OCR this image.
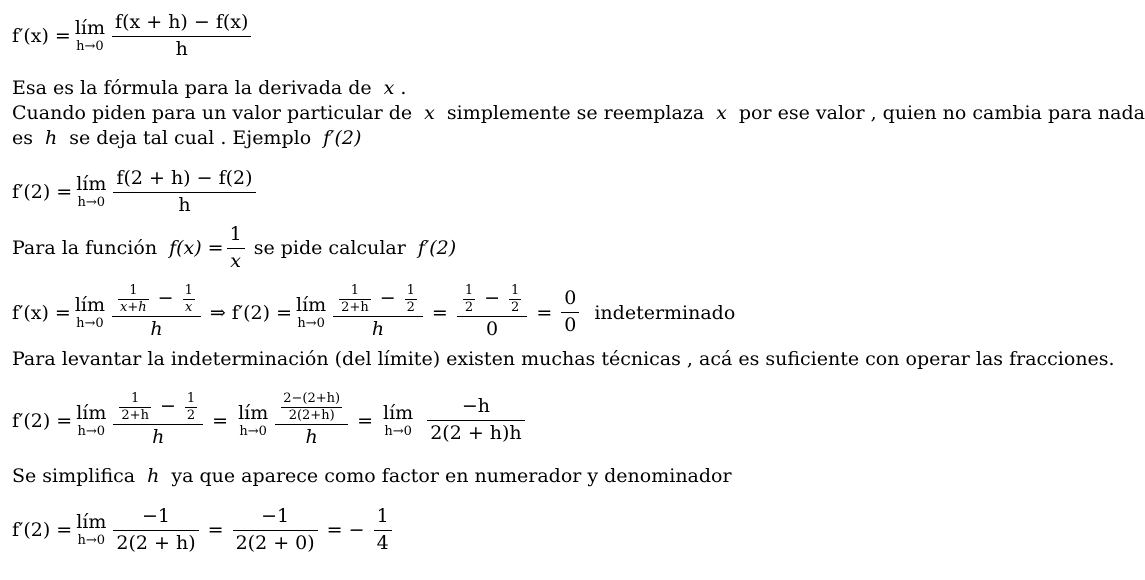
f′(x) = lím
$h\to 0 \frac{f(x + h) - f(x)}{h}$
Esa es la fórmula para la derivada de x .
Cuando piden para un valor particular de x simplemente se reemplaza x por ese valor , quien no cambia para nada
es h se deja tal cual . Ejemplo f′(2)
f′(2) = lím
$h\to 0 \frac{f(2 + h) - f(2)}{h}$
Para la función $f(x) = \frac{1}{x}$ se pide calcular f′(2)
f′(x) = lím
$h\to 0 \frac{\frac{1}{x+h} - \frac{1}{x}}{h}$ ⇒ f′(2) = lím
$h\to 0 \frac{\frac{1}{2+h} - \frac{1}{2}}{h} = \frac{\frac{1}{2} - \frac{1}{2}}{0} = \frac{0}{0}$ indeterminado
Para levantar la indeterminación (del límite) existen muchas técnicas , acá es suficiente con operar las fracciones.
f′(2) = lím
$h\to 0 \frac{\frac{1}{2+h} - \frac{1}{2}}{h}$ = lím
$h\to 0 \frac{\frac{2-(2+h)}{2(2+h)}}{h}$ = lím
$h\to 0 \frac{-h}{2(2 + h)h}$
Se simplifica h ya que aparece como factor en numerador y denominador
f′(2) = lím
$h\to 0 \frac{-1}{2(2 + h)} = \frac{-1}{2(2 + 0)}$ = − $\frac{1}{4}$
